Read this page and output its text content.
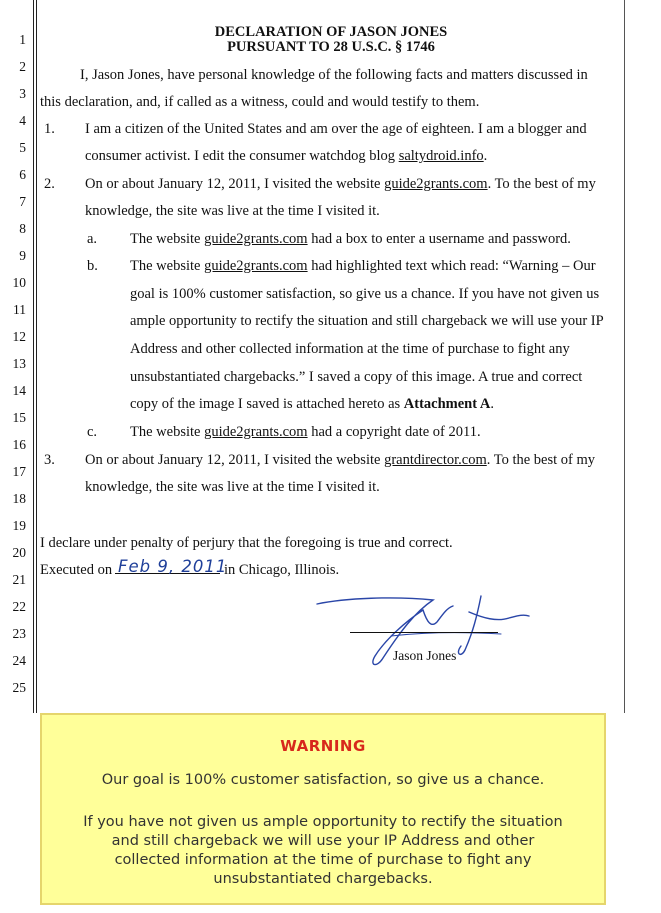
1
2
3
4
5
6
7
8
9
10
11
12
13
14
15
16
17
18
19
20
21
22
23
24
25
DECLARATION OF JASON JONES
PURSUANT TO 28 U.S.C. § 1746
I, Jason Jones, have personal knowledge of the following facts and matters discussed in
this declaration, and, if called as a witness, could and would testify to them.
1. I am a citizen of the United States and am over the age of eighteen. I am a blogger and
consumer activist. I edit the consumer watchdog blog saltydroid.info.
2. On or about January 12, 2011, I visited the website guide2grants.com. To the best of my
knowledge, the site was live at the time I visited it.
a. The website guide2grants.com had a box to enter a username and password.
b. The website guide2grants.com had highlighted text which read: “Warning – Our
goal is 100% customer satisfaction, so give us a chance. If you have not given us
ample opportunity to rectify the situation and still chargeback we will use your IP
Address and other collected information at the time of purchase to fight any
unsubstantiated chargebacks.” I saved a copy of this image. A true and correct
copy of the image I saved is attached hereto as Attachment A.
c. The website guide2grants.com had a copyright date of 2011.
3. On or about January 12, 2011, I visited the website grantdirector.com. To the best of my
knowledge, the site was live at the time I visited it.
I declare under penalty of perjury that the foregoing is true and correct.
Executed on Feb 9, 2011
in Chicago, Illinois.
Jason Jones
WARNING
Our goal is 100% customer satisfaction, so give us a chance.
If you have not given us ample opportunity to rectify the situation
and still chargeback we will use your IP Address and other
collected information at the time of purchase to fight any
unsubstantiated chargebacks.
